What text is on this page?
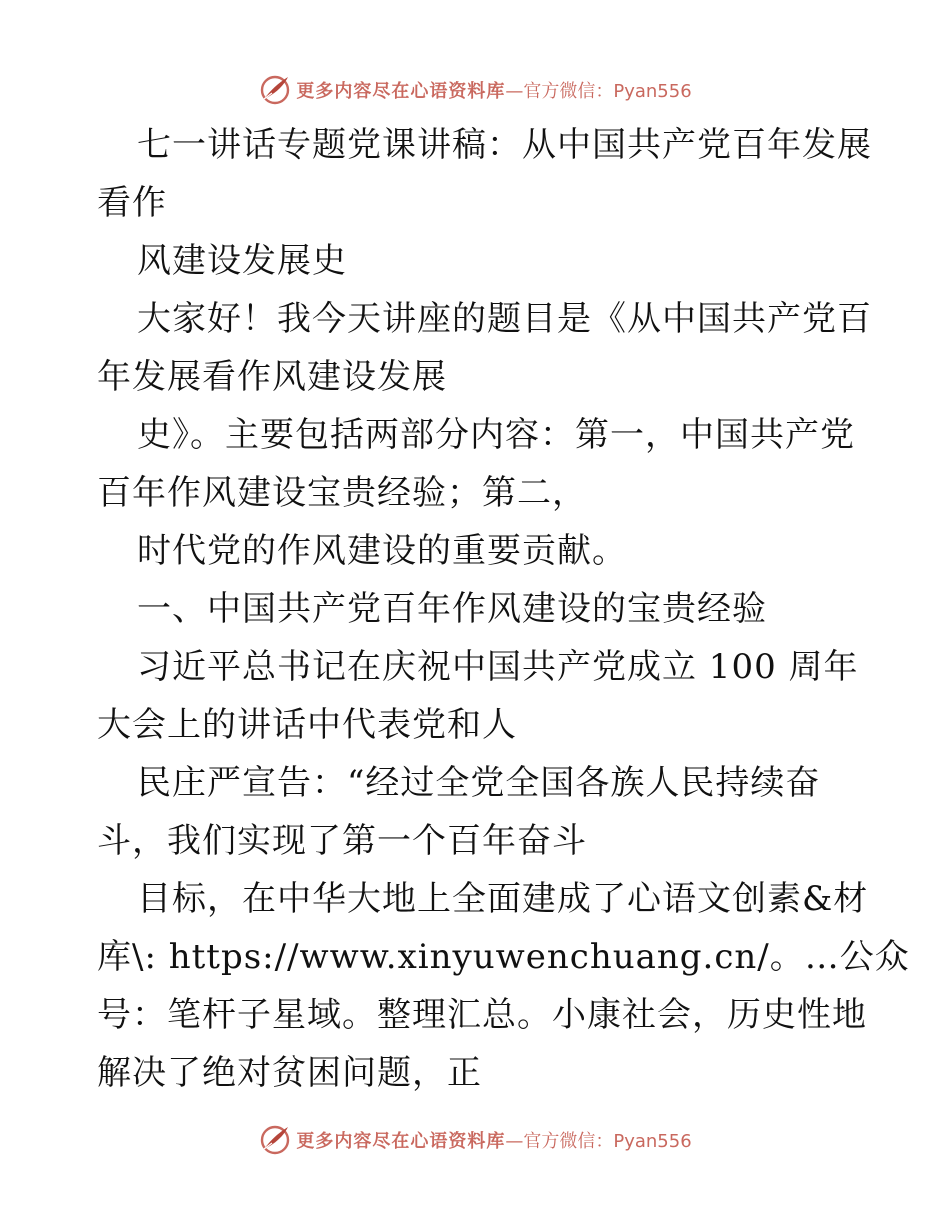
更多内容尽在心语资料库 —官方微信：Pyan556
七一讲话专题党课讲稿：从中国共产党百年发展
看作
风建设发展史
大家好！我今天讲座的题目是《从中国共产党百
年发展看作风建设发展
史》。主要包括两部分内容：第一，中国共产党
百年作风建设宝贵经验；第二，
时代党的作风建设的重要贡献。
一、中国共产党百年作风建设的宝贵经验
习近平总书记在庆祝中国共产党成立 100 周年
大会上的讲话中代表党和人
民庄严宣告：“经过全党全国各族人民持续奋
斗，我们实现了第一个百年奋斗
目标，在中华大地上全面建成了心语文创素&材
库\: https://www.xinyuwenchuang.cn/。…公众
号：笔杆子星域。整理汇总。小康社会，历史性地
解决了绝对贫困问题，正
更多内容尽在心语资料库 —官方微信：Pyan556
